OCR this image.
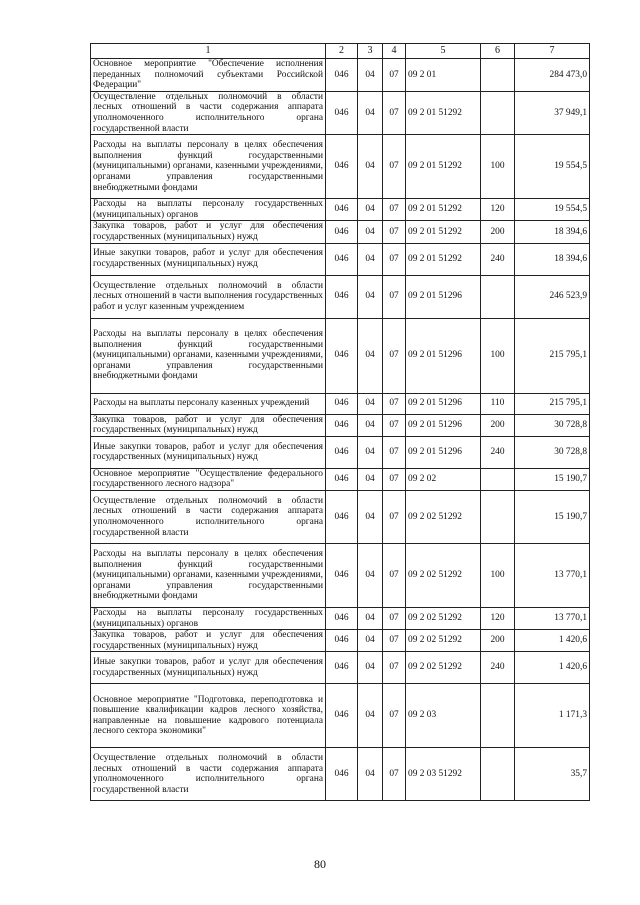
1	2	3	4	5	6	7
Основное мероприятие "Обеспечение исполнения переданных полномочий субъектами Российской Федерации"	046	04	07	09 2 01		284 473,0
Осуществление отдельных полномочий в области лесных отношений в части содержания аппарата уполномоченного исполнительного органа государственной власти	046	04	07	09 2 01 51292		37 949,1
Расходы на выплаты персоналу в целях обеспечения выполнения функций государственными (муниципальными) органами, казенными учреждениями, органами управления государственными внебюджетными фондами	046	04	07	09 2 01 51292	100	19 554,5
Расходы на выплаты персоналу государственных (муниципальных) органов	046	04	07	09 2 01 51292	120	19 554,5
Закупка товаров, работ и услуг для обеспечения государственных (муниципальных) нужд	046	04	07	09 2 01 51292	200	18 394,6
Иные закупки товаров, работ и услуг для обеспечения государственных (муниципальных) нужд	046	04	07	09 2 01 51292	240	18 394,6
Осуществление отдельных полномочий в области лесных отношений в части выполнения государственных работ и услуг казенным учреждением	046	04	07	09 2 01 51296		246 523,9
Расходы на выплаты персоналу в целях обеспечения выполнения функций государственными (муниципальными) органами, казенными учреждениями, органами управления государственными внебюджетными фондами	046	04	07	09 2 01 51296	100	215 795,1
Расходы на выплаты персоналу казенных учреждений	046	04	07	09 2 01 51296	110	215 795,1
Закупка товаров, работ и услуг для обеспечения государственных (муниципальных) нужд	046	04	07	09 2 01 51296	200	30 728,8
Иные закупки товаров, работ и услуг для обеспечения государственных (муниципальных) нужд	046	04	07	09 2 01 51296	240	30 728,8
Основное мероприятие "Осуществление федерального государственного лесного надзора"	046	04	07	09 2 02		15 190,7
Осуществление отдельных полномочий в области лесных отношений в части содержания аппарата уполномоченного исполнительного органа государственной власти	046	04	07	09 2 02 51292		15 190,7
Расходы на выплаты персоналу в целях обеспечения выполнения функций государственными (муниципальными) органами, казенными учреждениями, органами управления государственными внебюджетными фондами	046	04	07	09 2 02 51292	100	13 770,1
Расходы на выплаты персоналу государственных (муниципальных) органов	046	04	07	09 2 02 51292	120	13 770,1
Закупка товаров, работ и услуг для обеспечения государственных (муниципальных) нужд	046	04	07	09 2 02 51292	200	1 420,6
Иные закупки товаров, работ и услуг для обеспечения государственных (муниципальных) нужд	046	04	07	09 2 02 51292	240	1 420,6
Основное мероприятие "Подготовка, переподготовка и повышение квалификации кадров лесного хозяйства, направленные на повышение кадрового потенциала лесного сектора экономики"	046	04	07	09 2 03		1 171,3
Осуществление отдельных полномочий в области лесных отношений в части содержания аппарата уполномоченного исполнительного органа государственной власти	046	04	07	09 2 03 51292		35,7
80
